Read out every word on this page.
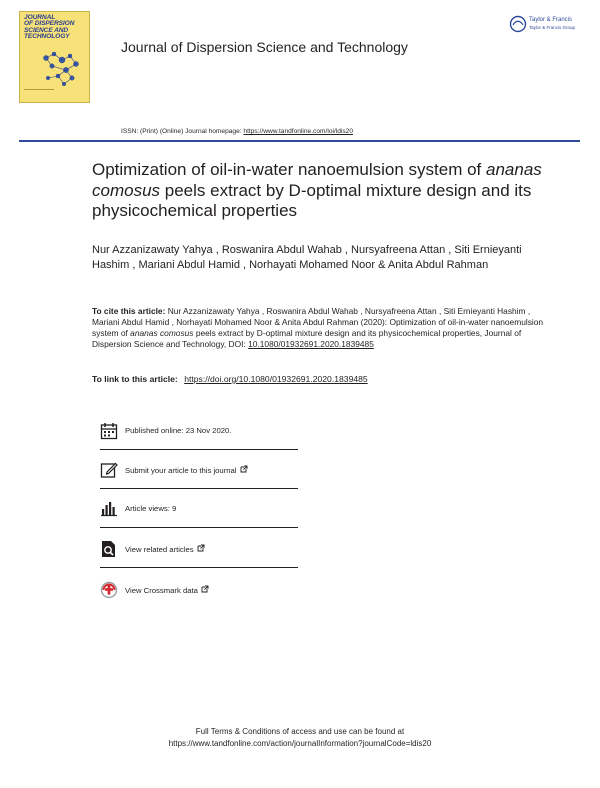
JOURNAL
OF DISPERSION
SCIENCE AND
TECHNOLOGY
Journal of Dispersion Science and Technology
Taylor & Francis
Taylor & Francis Group
ISSN: (Print) (Online) Journal homepage: https://www.tandfonline.com/loi/ldis20
Optimization of oil-in-water nanoemulsion system of ananas comosus peels extract by D-optimal mixture design and its physicochemical properties
Nur Azzanizawaty Yahya , Roswanira Abdul Wahab , Nursyafreena Attan , Siti Ernieyanti Hashim , Mariani Abdul Hamid , Norhayati Mohamed Noor & Anita Abdul Rahman
To cite this article: Nur Azzanizawaty Yahya , Roswanira Abdul Wahab , Nursyafreena Attan , Siti Ernieyanti Hashim , Mariani Abdul Hamid , Norhayati Mohamed Noor & Anita Abdul Rahman (2020): Optimization of oil-in-water nanoemulsion system of ananas comosus peels extract by D-optimal mixture design and its physicochemical properties, Journal of Dispersion Science and Technology, DOI: 10.1080/01932691.2020.1839485
To link to this article: https://doi.org/10.1080/01932691.2020.1839485
Published online: 23 Nov 2020.
Submit your article to this journal
Article views: 9
View related articles
View Crossmark data
Full Terms & Conditions of access and use can be found at
https://www.tandfonline.com/action/journalInformation?journalCode=ldis20
